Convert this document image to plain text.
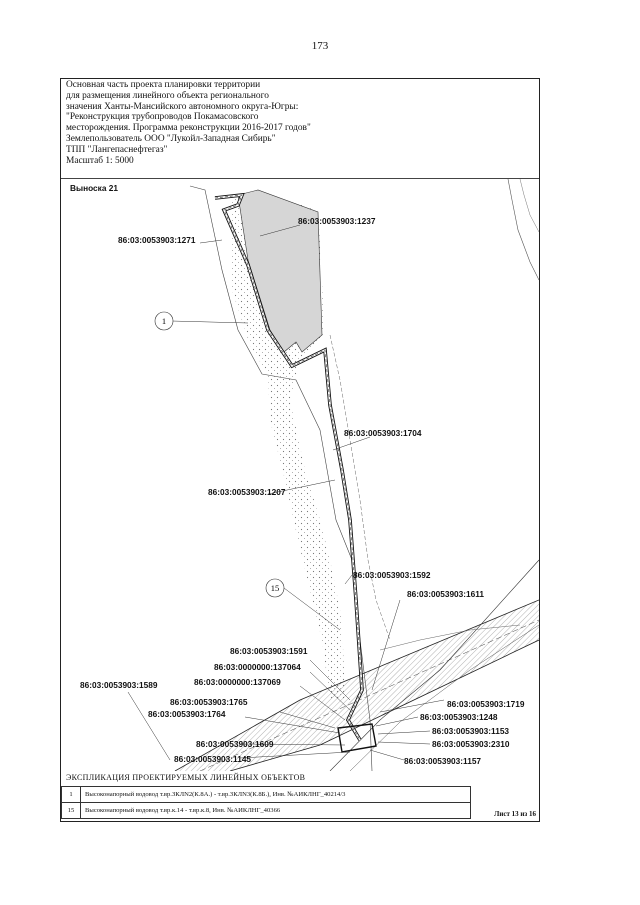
173
Основная часть проекта планировки территории
для размещения линейного объекта регионального
значения Ханты-Мансийского автономного округа-Югры:
"Реконструкция трубопроводов Покамасовского
месторождения. Программа реконструкции 2016-2017 годов"
Землепользователь ООО "Лукойл-Западная Сибирь"
ТПП "Лангепаснефтегаз"
Масштаб 1: 5000
Выноска 21
1
15
86:03:0053903:1237
86:03:0053903:1271
86:03:0053903:1704
86:03:0053903:1207
86:03:0053903:1592
86:03:0053903:1611
86:03:0053903:1591
86:03:0000000:137064
86:03:0053903:1589	86:03:0000000:137069
86:03:0053903:1765
86:03:0053903:1764
86:03:0053903:1719
86:03:0053903:1248
86:03:0053903:1153
86:03:0053903:1609	86:03:0053903:2310
86:03:0053903:1145	86:03:0053903:1157
ЭКСПЛИКАЦИЯ ПРОЕКТИРУЕМЫХ ЛИНЕЙНЫХ ОБЪЕКТОВ
1	Высоконапорный водовод т.вр.ЗКЛN2(К.8А.) - т.вр.ЗКЛN3(К.8Б.), Инв. №АИКЛНГ_40214/3
15	Высоконапорный водовод т.вр.к.14 - т.вр.к.8, Инв. №АИКЛНГ_40366	Лист 13 из 16
